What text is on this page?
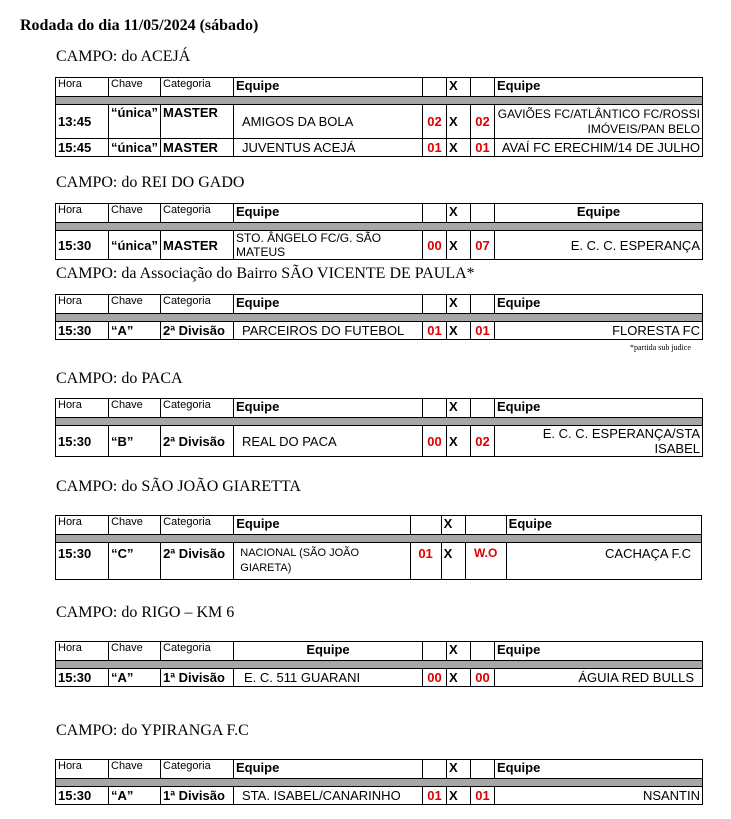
Rodada do dia 11/05/2024 (sábado)
CAMPO: do ACEJÁ
Hora	Chave	Categoria	Equipe		X		Equipe

13:45	“única”	MASTER	AMIGOS DA BOLA	02	X	02	GAVIÕES FC/ATLÂNTICO FC/ROSSI IMÓVEIS/PAN BELO
15:45	“única”	MASTER	JUVENTUS ACEJÁ	01	X	01	AVAÍ FC ERECHIM/14 DE JULHO
CAMPO: do REI DO GADO
Hora	Chave	Categoria	Equipe		X		Equipe

15:30	“única”	MASTER	STO. ÂNGELO FC/G. SÃO MATEUS	00	X	07	E. C. C. ESPERANÇA
CAMPO: da Associação do Bairro SÃO VICENTE DE PAULA*
Hora	Chave	Categoria	Equipe		X		Equipe

15:30	“A”	2ª Divisão	PARCEIROS DO FUTEBOL	01	X	01	FLORESTA FC
*partida sub judice
CAMPO: do PACA
Hora	Chave	Categoria	Equipe		X		Equipe

15:30	“B”	2ª Divisão	REAL DO PACA	00	X	02	E. C. C. ESPERANÇA/STA ISABEL
CAMPO: do SÃO JOÃO GIARETTA
Hora	Chave	Categoria	Equipe		X		Equipe

15:30	“C”	2ª Divisão	NACIONAL (SÃO JOÃO GIARETA)	01	X	W.O	CACHAÇA F.C
CAMPO: do RIGO – KM 6
Hora	Chave	Categoria	Equipe		X		Equipe

15:30	“A”	1ª Divisão	E. C. 511 GUARANI	00	X	00	ÁGUIA RED BULLS
CAMPO: do YPIRANGA F.C
Hora	Chave	Categoria	Equipe		X		Equipe

15:30	“A”	1ª Divisão	STA. ISABEL/CANARINHO	01	X	01	NSANTIN
